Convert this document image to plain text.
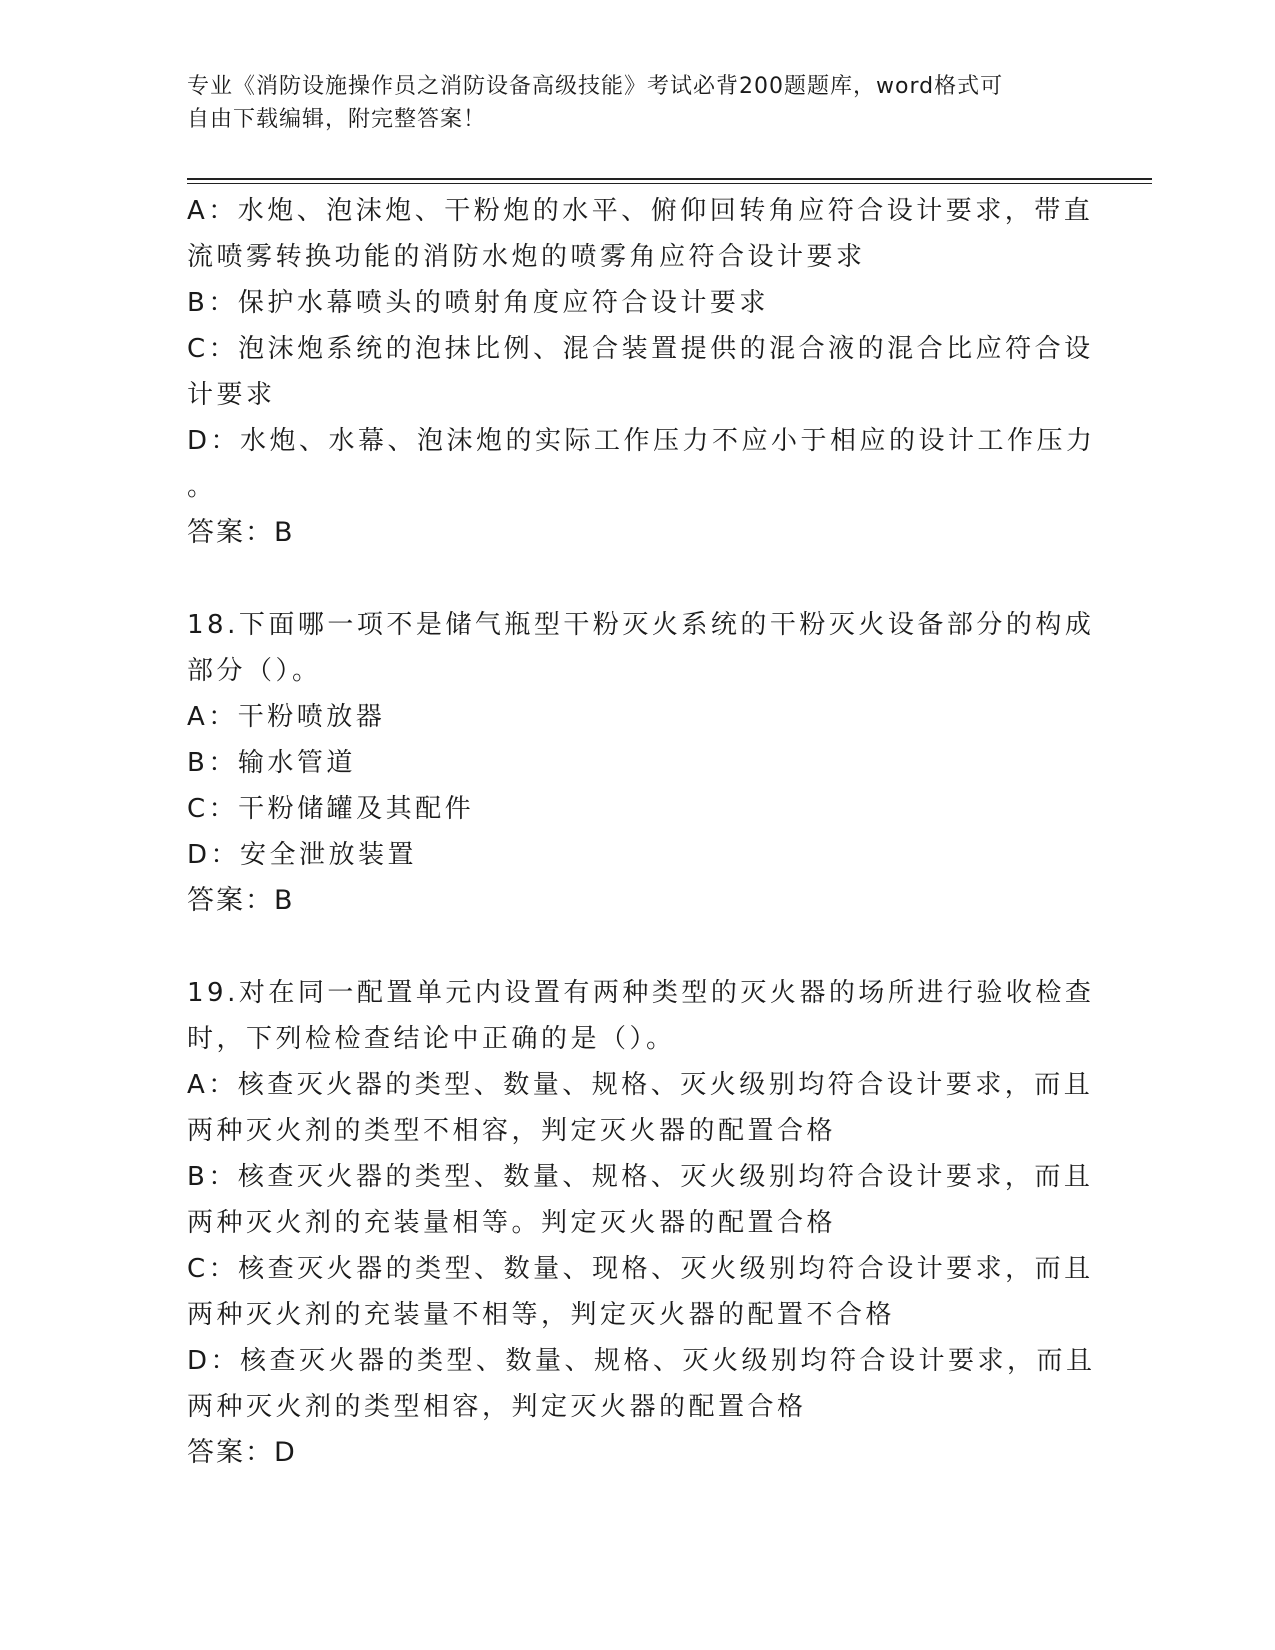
专业《消防设施操作员之消防设备高级技能》考试必背200题题库，word格式可
自由下载编辑，附完整答案！
A：水炮、泡沫炮、干粉炮的水平、俯仰回转角应符合设计要求，带直
流喷雾转换功能的消防水炮的喷雾角应符合设计要求
B：保护水幕喷头的喷射角度应符合设计要求
C：泡沫炮系统的泡抹比例、混合装置提供的混合液的混合比应符合设
计要求
D：水炮、水幕、泡沫炮的实际工作压力不应小于相应的设计工作压力
。
答案：B
18.下面哪一项不是储气瓶型干粉灭火系统的干粉灭火设备部分的构成
部分（）。
A：干粉喷放器
B：输水管道
C：干粉储罐及其配件
D：安全泄放装置
答案：B
19.对在同一配置单元内设置有两种类型的灭火器的场所进行验收检查
时，下列检检查结论中正确的是（）。
A：核查灭火器的类型、数量、规格、灭火级别均符合设计要求，而且
两种灭火剂的类型不相容，判定灭火器的配置合格
B：核查灭火器的类型、数量、规格、灭火级别均符合设计要求，而且
两种灭火剂的充装量相等。判定灭火器的配置合格
C：核查灭火器的类型、数量、现格、灭火级别均符合设计要求，而且
两种灭火剂的充装量不相等，判定灭火器的配置不合格
D：核查灭火器的类型、数量、规格、灭火级别均符合设计要求，而且
两种灭火剂的类型相容，判定灭火器的配置合格
答案：D
